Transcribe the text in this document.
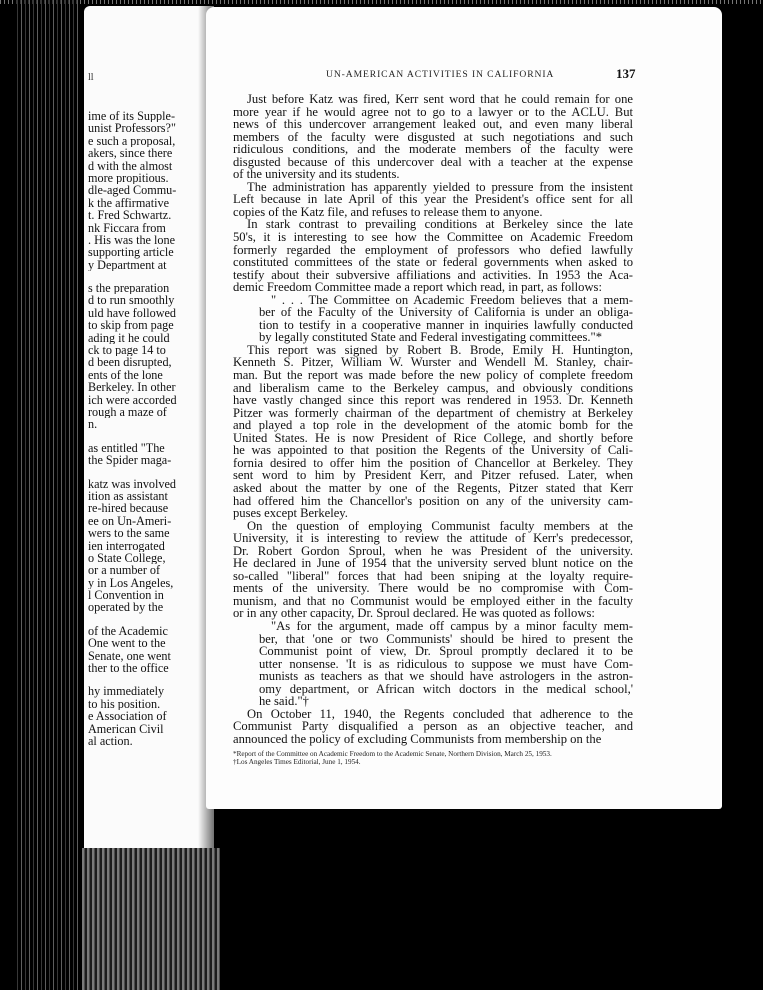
ll
ime of its Supple-
unist Professors?"
e such a proposal,
akers, since there
d with the almost
more propitious.
dle-aged Commu-
k the affirmative
t. Fred Schwartz.
nk Ficcara from
. His was the lone
supporting article
y Department at
s the preparation
d to run smoothly
uld have followed
to skip from page
ading it he could
ck to page 14 to
d been disrupted,
ents of the lone
Berkeley. In other
ich were accorded
rough a maze of
n.
as entitled "The
the Spider maga-
katz was involved
ition as assistant
re-hired because
ee on Un-Ameri-
wers to the same
ien interrogated
o State College,
or a number of
y in Los Angeles,
l Convention in
operated by the
of the Academic
One went to the
Senate, one went
ther to the office
hy immediately
to his position.
e Association of
American Civil
al action.
UN-AMERICAN ACTIVITIES IN CALIFORNIA	137
Just before Katz was fired, Kerr sent word that he could remain for one
more year if he would agree not to go to a lawyer or to the ACLU. But
news of this undercover arrangement leaked out, and even many liberal
members of the faculty were disgusted at such negotiations and such
ridiculous conditions, and the moderate members of the faculty were
disgusted because of this undercover deal with a teacher at the expense
of the university and its students.
The administration has apparently yielded to pressure from the insistent
Left because in late April of this year the President's office sent for all
copies of the Katz file, and refuses to release them to anyone.
In stark contrast to prevailing conditions at Berkeley since the late
50's, it is interesting to see how the Committee on Academic Freedom
formerly regarded the employment of professors who defied lawfully
constituted committees of the state or federal governments when asked to
testify about their subversive affiliations and activities. In 1953 the Aca-
demic Freedom Committee made a report which read, in part, as follows:
" . . . The Committee on Academic Freedom believes that a mem-
ber of the Faculty of the University of California is under an obliga-
tion to testify in a cooperative manner in inquiries lawfully conducted
by legally constituted State and Federal investigating committees."*
This report was signed by Robert B. Brode, Emily H. Huntington,
Kenneth S. Pitzer, William W. Wurster and Wendell M. Stanley, chair-
man. But the report was made before the new policy of complete freedom
and liberalism came to the Berkeley campus, and obviously conditions
have vastly changed since this report was rendered in 1953. Dr. Kenneth
Pitzer was formerly chairman of the department of chemistry at Berkeley
and played a top role in the development of the atomic bomb for the
United States. He is now President of Rice College, and shortly before
he was appointed to that position the Regents of the University of Cali-
fornia desired to offer him the position of Chancellor at Berkeley. They
sent word to him by President Kerr, and Pitzer refused. Later, when
asked about the matter by one of the Regents, Pitzer stated that Kerr
had offered him the Chancellor's position on any of the university cam-
puses except Berkeley.
On the question of employing Communist faculty members at the
University, it is interesting to review the attitude of Kerr's predecessor,
Dr. Robert Gordon Sproul, when he was President of the university.
He declared in June of 1954 that the university served blunt notice on the
so-called "liberal" forces that had been sniping at the loyalty require-
ments of the university. There would be no compromise with Com-
munism, and that no Communist would be employed either in the faculty
or in any other capacity, Dr. Sproul declared. He was quoted as follows:
"As for the argument, made off campus by a minor faculty mem-
ber, that 'one or two Communists' should be hired to present the
Communist point of view, Dr. Sproul promptly declared it to be
utter nonsense. 'It is as ridiculous to suppose we must have Com-
munists as teachers as that we should have astrologers in the astron-
omy department, or African witch doctors in the medical school,'
he said."†
On October 11, 1940, the Regents concluded that adherence to the
Communist Party disqualified a person as an objective teacher, and
announced the policy of excluding Communists from membership on the
*Report of the Committee on Academic Freedom to the Academic Senate, Northern Division, March 25, 1953.
†Los Angeles Times Editorial, June 1, 1954.
